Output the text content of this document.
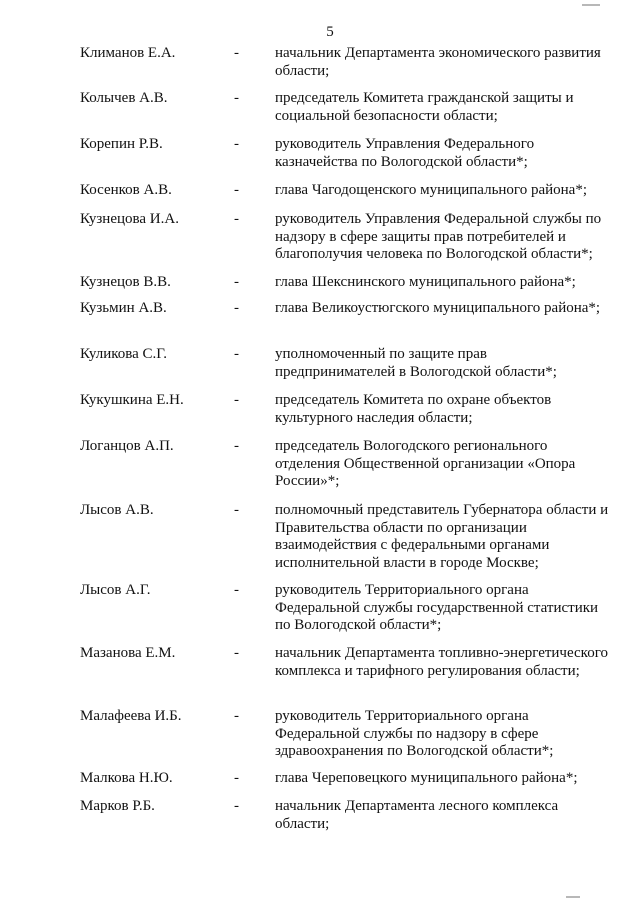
5
Климанов Е.А.	- начальник Департамента экономического развития области;
Колычев А.В.	- председатель Комитета гражданской защиты и социальной безопасности области;
Корепин Р.В.	- руководитель Управления Федерального казначейства по Вологодской области*;
Косенков А.В.	- глава Чагодощенского муниципального района*;
Кузнецова И.А.	- руководитель Управления Федеральной службы по надзору в сфере защиты прав потребителей и благополучия человека по Вологодской области*;
Кузнецов В.В.	- глава Шекснинского муниципального района*;
Кузьмин А.В.	- глава Великоустюгского муниципального района*;
Куликова С.Г.	- уполномоченный по защите прав предпринимателей в Вологодской области*;
Кукушкина Е.Н.	- председатель Комитета по охране объектов культурного наследия области;
Логанцов А.П.	- председатель Вологодского регионального отделения Общественной организации «Опора России»*;
Лысов А.В.	- полномочный представитель Губернатора области и Правительства области по организации взаимодействия с федеральными органами исполнительной власти в городе Москве;
Лысов А.Г.	- руководитель Территориального органа Федеральной службы государственной статистики по Вологодской области*;
Мазанова Е.М.	- начальник Департамента топливно-энергетического комплекса и тарифного регулирования области;
Малафеева И.Б.	- руководитель Территориального органа Федеральной службы по надзору в сфере здравоохранения по Вологодской области*;
Малкова Н.Ю.	- глава Череповецкого муниципального района*;
Марков Р.Б.	- начальник Департамента лесного комплекса области;
